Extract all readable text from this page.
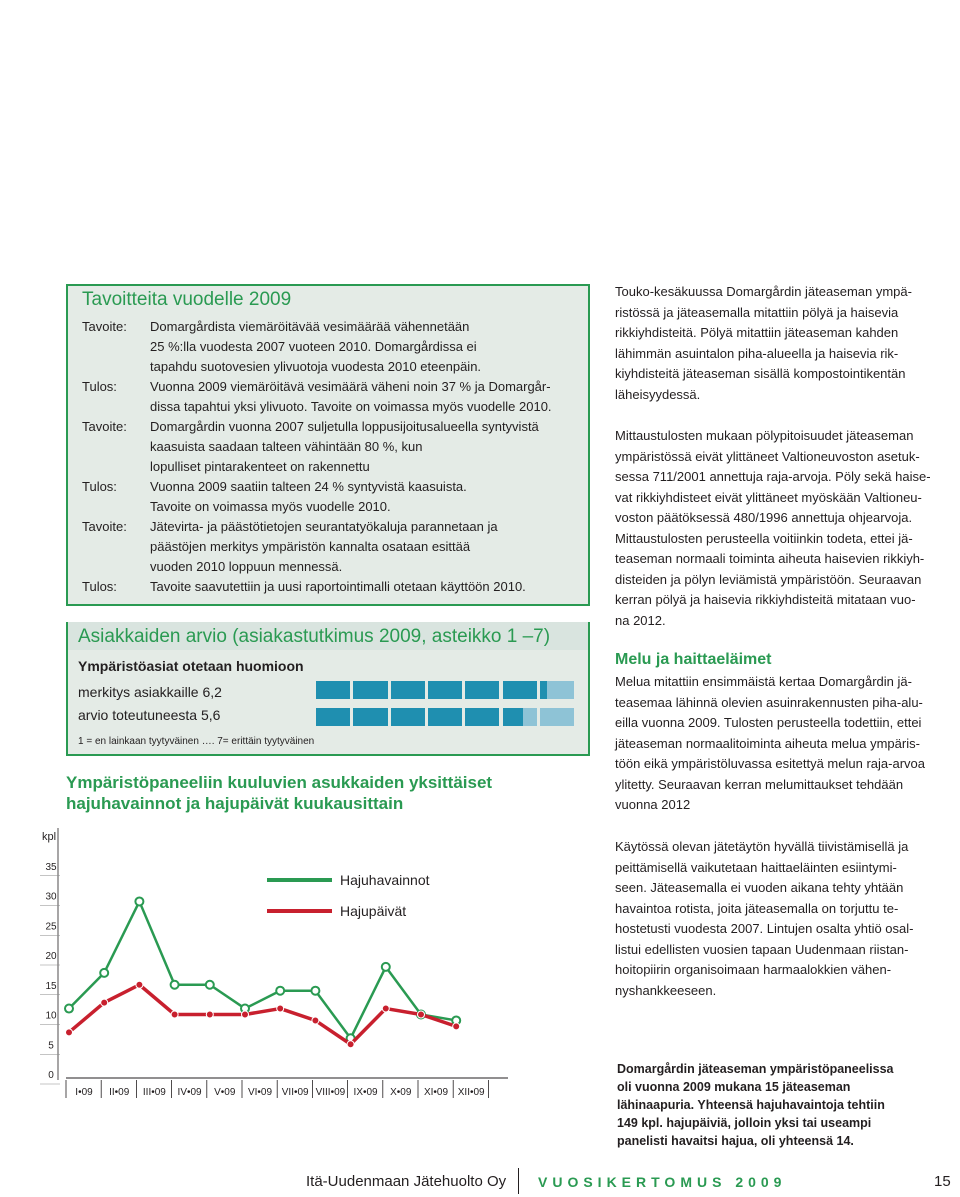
Tavoitteita vuodelle 2009
Tavoite:	Domargårdista viemäröitävää vesimäärää vähennetään
25 %:lla vuodesta 2007 vuoteen 2010. Domargårdissa ei
tapahdu suotovesien ylivuotoja vuodesta 2010 eteenpäin.
Tulos:	Vuonna 2009 viemäröitävä vesimäärä väheni noin 37 % ja Domargår-
dissa tapahtui yksi ylivuoto. Tavoite on voimassa myös vuodelle 2010.
Tavoite:	Domargårdin vuonna 2007 suljetulla loppusijoitusalueella syntyvistä
kaasuista saadaan talteen vähintään 80 %, kun
lopulliset pintarakenteet on rakennettu
Tulos:	Vuonna 2009 saatiin talteen 24 % syntyvistä kaasuista.
Tavoite on voimassa myös vuodelle 2010.
Tavoite:	Jätevirta- ja päästötietojen seurantatyökaluja parannetaan ja
päästöjen merkitys ympäristön kannalta osataan esittää
vuoden 2010 loppuun mennessä.
Tulos:	Tavoite saavutettiin ja uusi raportointimalli otetaan käyttöön 2010.
Asiakkaiden arvio (asiakastutkimus 2009, asteikko 1 –7)
Ympäristöasiat otetaan huomioon
merkitys asiakkaille 6,2
arvio toteutuneesta 5,6
1 = en lainkaan tyytyväinen …. 7= erittäin tyytyväinen
Ympäristöpaneeliin kuuluvien asukkaiden yksittäiset
hajuhavainnot ja hajupäivät kuukausittain
kpl
0
5
10
15
20
25
30
35
I•09 II•09 III•09 IV•09 V•09 VI•09 VII•09 VIII•09 IX•09 X•09 XI•09 XII•09
Hajuhavainnot
Hajupäivät
Touko-kesäkuussa Domargårdin jäteaseman ympä-
ristössä ja jäteasemalla mitattiin pölyä ja haisevia
rikkiyhdisteitä. Pölyä mitattiin jäteaseman kahden
lähimmän asuintalon piha-alueella ja haisevia rik-
kiyhdisteitä jäteaseman sisällä kompostointikentän
läheisyydessä.
Mittaustulosten mukaan pölypitoisuudet jäteaseman
ympäristössä eivät ylittäneet Valtioneuvoston asetuk-
sessa 711/2001 annettuja raja-arvoja. Pöly sekä haise-
vat rikkiyhdisteet eivät ylittäneet myöskään Valtioneu-
voston päätöksessä 480/1996 annettuja ohjearvoja.
Mittaustulosten perusteella voitiinkin todeta, ettei jä-
teaseman normaali toiminta aiheuta haisevien rikkiyh-
disteiden ja pölyn leviämistä ympäristöön. Seuraavan
kerran pölyä ja haisevia rikkiyhdisteitä mitataan vuo-
na 2012.
Melu ja haittaeläimet
Melua mitattiin ensimmäistä kertaa Domargårdin jä-
teasemaa lähinnä olevien asuinrakennusten piha-alu-
eilla vuonna 2009. Tulosten perusteella todettiin, ettei
jäteaseman normaalitoiminta aiheuta melua ympäris-
töön eikä ympäristöluvassa esitettyä melun raja-arvoa
ylitetty. Seuraavan kerran melumittaukset tehdään
vuonna 2012
Käytössä olevan jätetäytön hyvällä tiivistämisellä ja
peittämisellä vaikutetaan haittaeläinten esiintymi-
seen. Jäteasemalla ei vuoden aikana tehty yhtään
havaintoa rotista, joita jäteasemalla on torjuttu te-
hostetusti vuodesta 2007. Lintujen osalta yhtiö osal-
listui edellisten vuosien tapaan Uudenmaan riistan-
hoitopiirin organisoimaan harmaalokkien vähen-
nyshankkeeseen.
Domargårdin jäteaseman ympäristöpaneelissa
oli vuonna 2009 mukana 15 jäteaseman
lähinaapuria. Yhteensä hajuhavaintoja tehtiin
149 kpl. hajupäiviä, jolloin yksi tai useampi
panelisti havaitsi hajua, oli yhteensä 14.
Itä-Uudenmaan Jätehuolto Oy VUOSIKERTOMUS 2009	15
